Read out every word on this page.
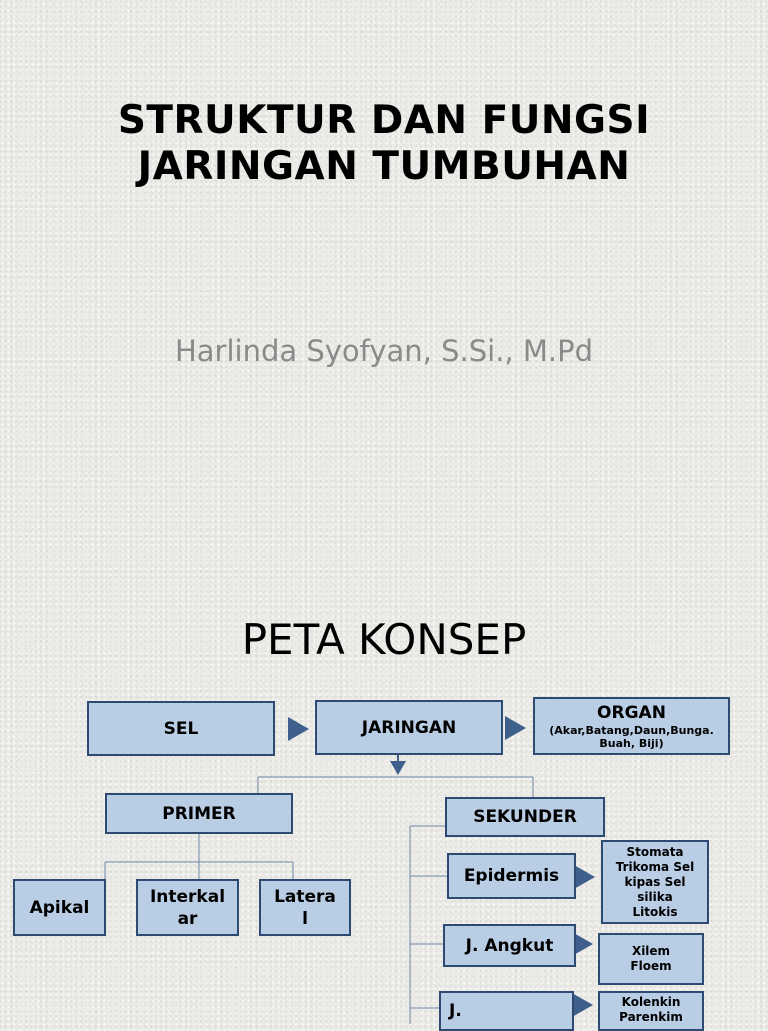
STRUKTUR DAN FUNGSI
JARINGAN TUMBUHAN
Harlinda Syofyan, S.Si., M.Pd
PETA KONSEP
SEL	JARINGAN
ORGAN
(Akar,Batang,Daun,Bunga. Buah, Biji)
PRIMER	SEKUNDER
Apikal
Interkal ar
Latera l
Epidermis
Stomata Trikoma Sel kipas Sel silika Litokis
J. Angkut	Xilem Floem
J.	Kolenkin Parenkim
